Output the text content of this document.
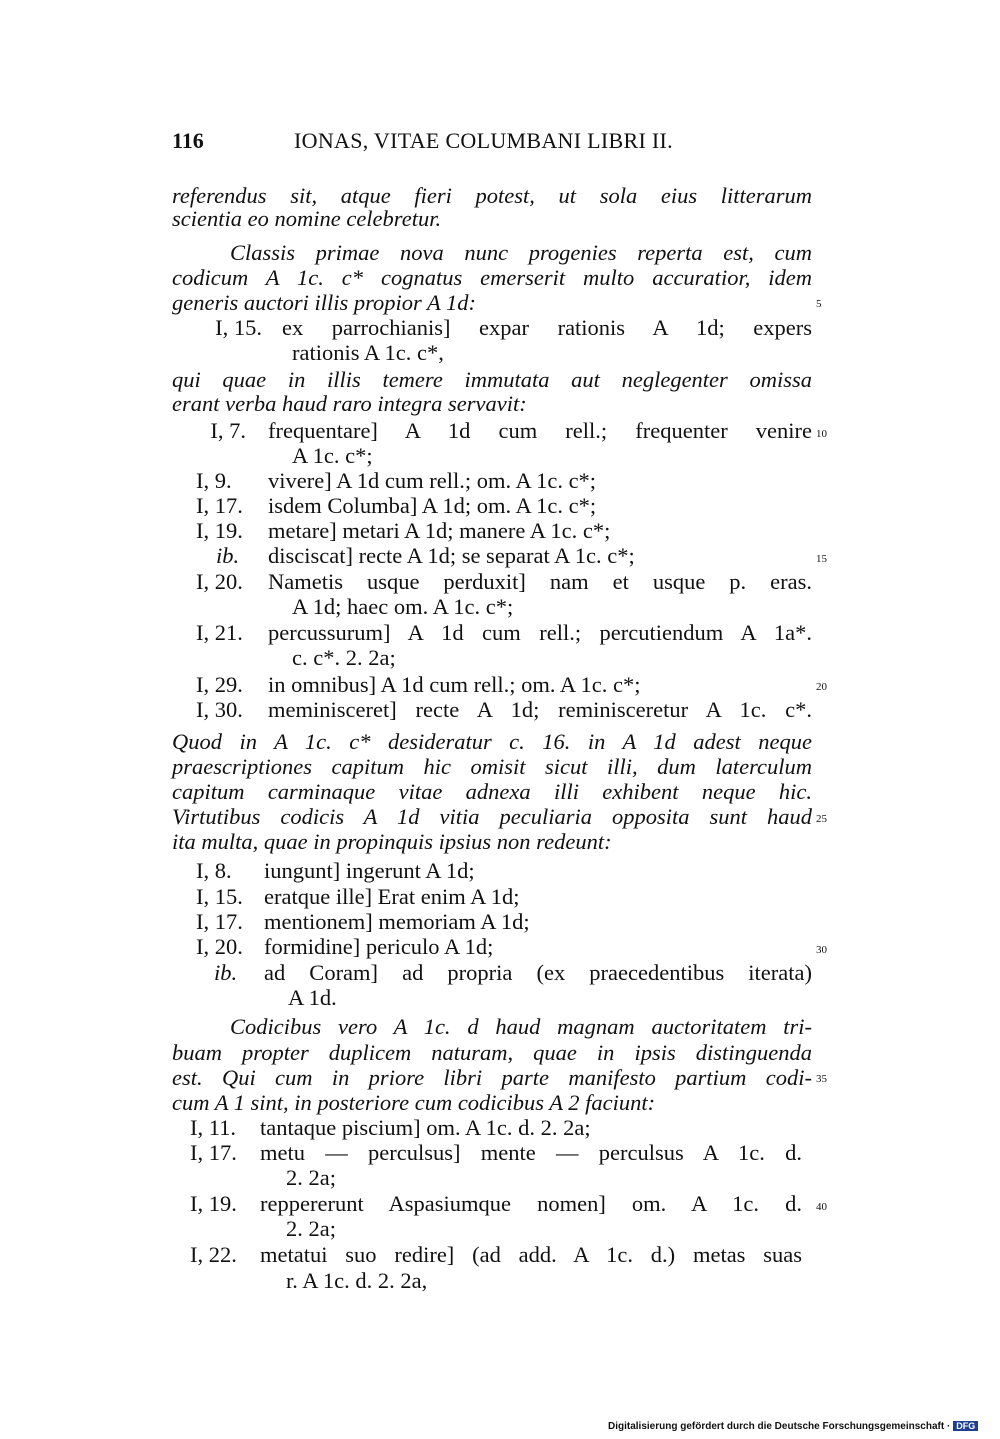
116	IONAS, VITAE COLUMBANI LIBRI II.
referendus sit, atque fieri potest, ut sola eius litterarum
scientia eo nomine celebretur.
Classis primae nova nunc progenies reperta est, cum
codicum A 1c. c* cognatus emerserit multo accuratior, idem
generis auctori illis propior A 1d:	5
I, 15. ex parrochianis] expar rationis A 1d; expers
rationis A 1c. c*,
qui quae in illis temere immutata aut neglegenter omissa
erant verba haud raro integra servavit:
I, 7. frequentare] A 1d cum rell.; frequenter venire 10
A 1c. c*;
I, 9. vivere] A 1d cum rell.; om. A 1c. c*;
I, 17. isdem Columba] A 1d; om. A 1c. c*;
I, 19. metare] metari A 1d; manere A 1c. c*;
ib. disciscat] recte A 1d; se separat A 1c. c*;	15
I, 20. Nametis usque perduxit] nam et usque p. eras.
A 1d; haec om. A 1c. c*;
I, 21. percussurum] A 1d cum rell.; percutiendum A 1a*.
c. c*. 2. 2a;
I, 29. in omnibus] A 1d cum rell.; om. A 1c. c*;	20
I, 30. meminisceret] recte A 1d; reminisceretur A 1c. c*.
Quod in A 1c. c* desideratur c. 16. in A 1d adest neque
praescriptiones capitum hic omisit sicut illi, dum laterculum
capitum carminaque vitae adnexa illi exhibent neque hic.
Virtutibus codicis A 1d vitia peculiaria opposita sunt haud 25
ita multa, quae in propinquis ipsius non redeunt:
I, 8. iungunt] ingerunt A 1d;
I, 15. eratque ille] Erat enim A 1d;
I, 17. mentionem] memoriam A 1d;
I, 20. formidine] periculo A 1d;	30
ib. ad Coram] ad propria (ex praecedentibus iterata)
A 1d.
Codicibus vero A 1c. d haud magnam auctoritatem tri-
buam propter duplicem naturam, quae in ipsis distinguenda
est. Qui cum in priore libri parte manifesto partium codi- 35
cum A 1 sint, in posteriore cum codicibus A 2 faciunt:
I, 11. tantaque piscium] om. A 1c. d. 2. 2a;
I, 17. metu — perculsus] mente — perculsus A 1c. d.
2. 2a;
I, 19. reppererunt Aspasiumque nomen] om. A 1c. d. 40
2. 2a;
I, 22. metatui suo redire] (ad add. A 1c. d.) metas suas
r. A 1c. d. 2. 2a,
Digitalisierung gefördert durch die Deutsche Forschungsgemeinschaft · DFG
